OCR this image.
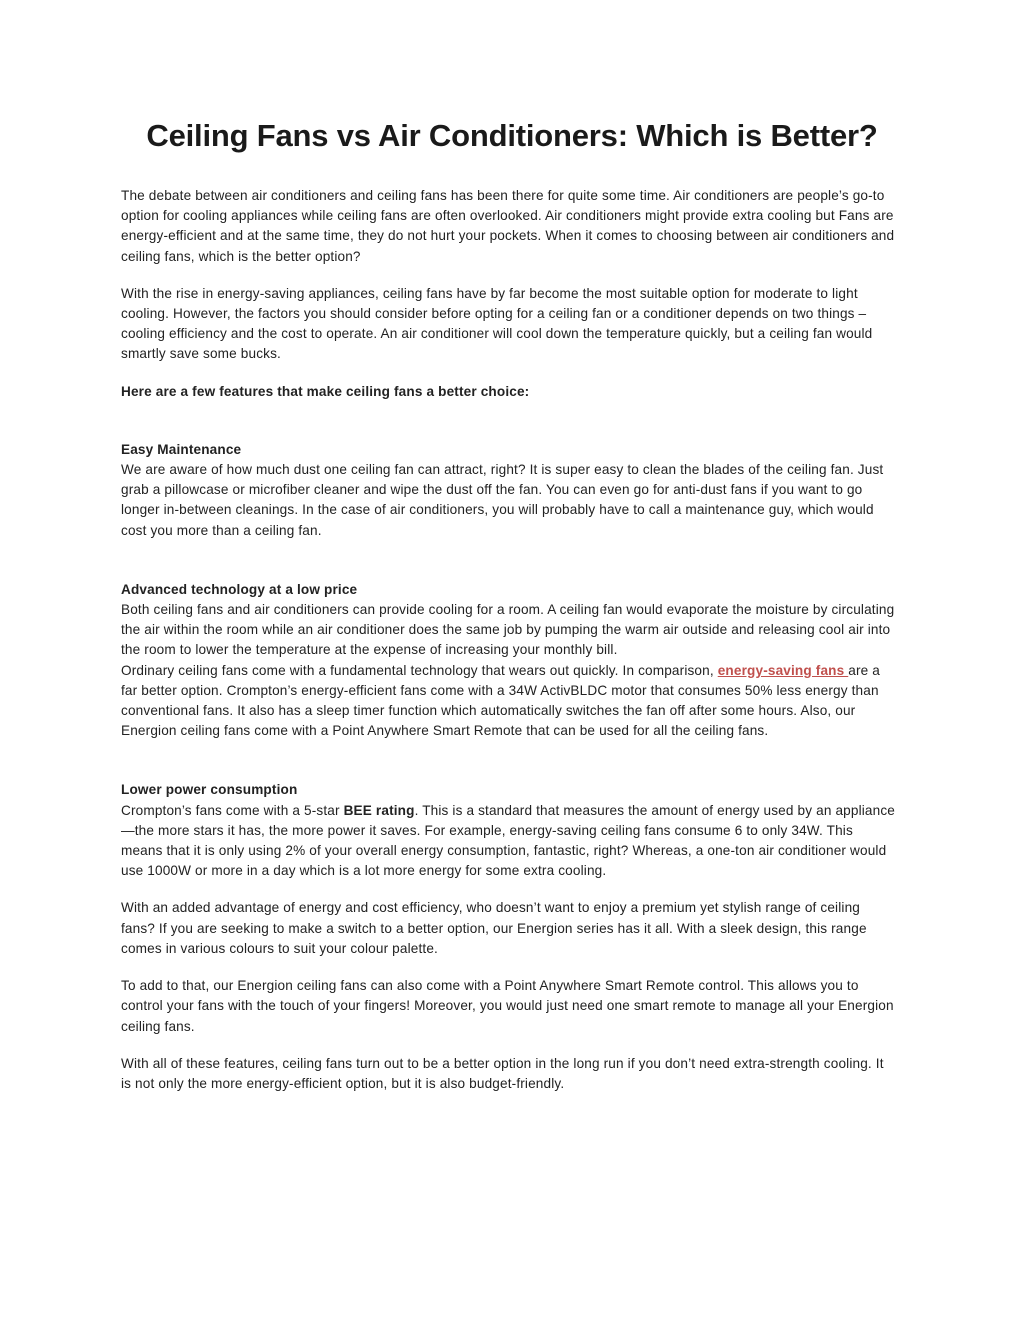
Ceiling Fans vs Air Conditioners: Which is Better?

The debate between air conditioners and ceiling fans has been there for quite some time. Air conditioners are people’s go-to option for cooling appliances while ceiling fans are often overlooked. Air conditioners might provide extra cooling but Fans are energy-efficient and at the same time, they do not hurt your pockets. When it comes to choosing between air conditioners and ceiling fans, which is the better option?

With the rise in energy-saving appliances, ceiling fans have by far become the most suitable option for moderate to light cooling. However, the factors you should consider before opting for a ceiling fan or a conditioner depends on two things – cooling efficiency and the cost to operate. An air conditioner will cool down the temperature quickly, but a ceiling fan would smartly save some bucks.

Here are a few features that make ceiling fans a better choice:

Easy Maintenance

We are aware of how much dust one ceiling fan can attract, right? It is super easy to clean the blades of the ceiling fan. Just grab a pillowcase or microfiber cleaner and wipe the dust off the fan. You can even go for anti-dust fans if you want to go longer in-between cleanings. In the case of air conditioners, you will probably have to call a maintenance guy, which would cost you more than a ceiling fan.

Advanced technology at a low price

Both ceiling fans and air conditioners can provide cooling for a room. A ceiling fan would evaporate the moisture by circulating the air within the room while an air conditioner does the same job by pumping the warm air outside and releasing cool air into the room to lower the temperature at the expense of increasing your monthly bill.

Ordinary ceiling fans come with a fundamental technology that wears out quickly. In comparison, energy-saving fans are a far better option. Crompton’s energy-efficient fans come with a 34W ActivBLDC motor that consumes 50% less energy than conventional fans. It also has a sleep timer function which automatically switches the fan off after some hours. Also, our Energion ceiling fans come with a Point Anywhere Smart Remote that can be used for all the ceiling fans.

Lower power consumption

Crompton’s fans come with a 5-star BEE rating. This is a standard that measures the amount of energy used by an appliance—the more stars it has, the more power it saves. For example, energy-saving ceiling fans consume 6 to only 34W. This means that it is only using 2% of your overall energy consumption, fantastic, right? Whereas, a one-ton air conditioner would use 1000W or more in a day which is a lot more energy for some extra cooling.

With an added advantage of energy and cost efficiency, who doesn’t want to enjoy a premium yet stylish range of ceiling fans? If you are seeking to make a switch to a better option, our Energion series has it all. With a sleek design, this range comes in various colours to suit your colour palette.

To add to that, our Energion ceiling fans can also come with a Point Anywhere Smart Remote control. This allows you to control your fans with the touch of your fingers! Moreover, you would just need one smart remote to manage all your Energion ceiling fans.

With all of these features, ceiling fans turn out to be a better option in the long run if you don’t need extra-strength cooling. It is not only the more energy-efficient option, but it is also budget-friendly.
